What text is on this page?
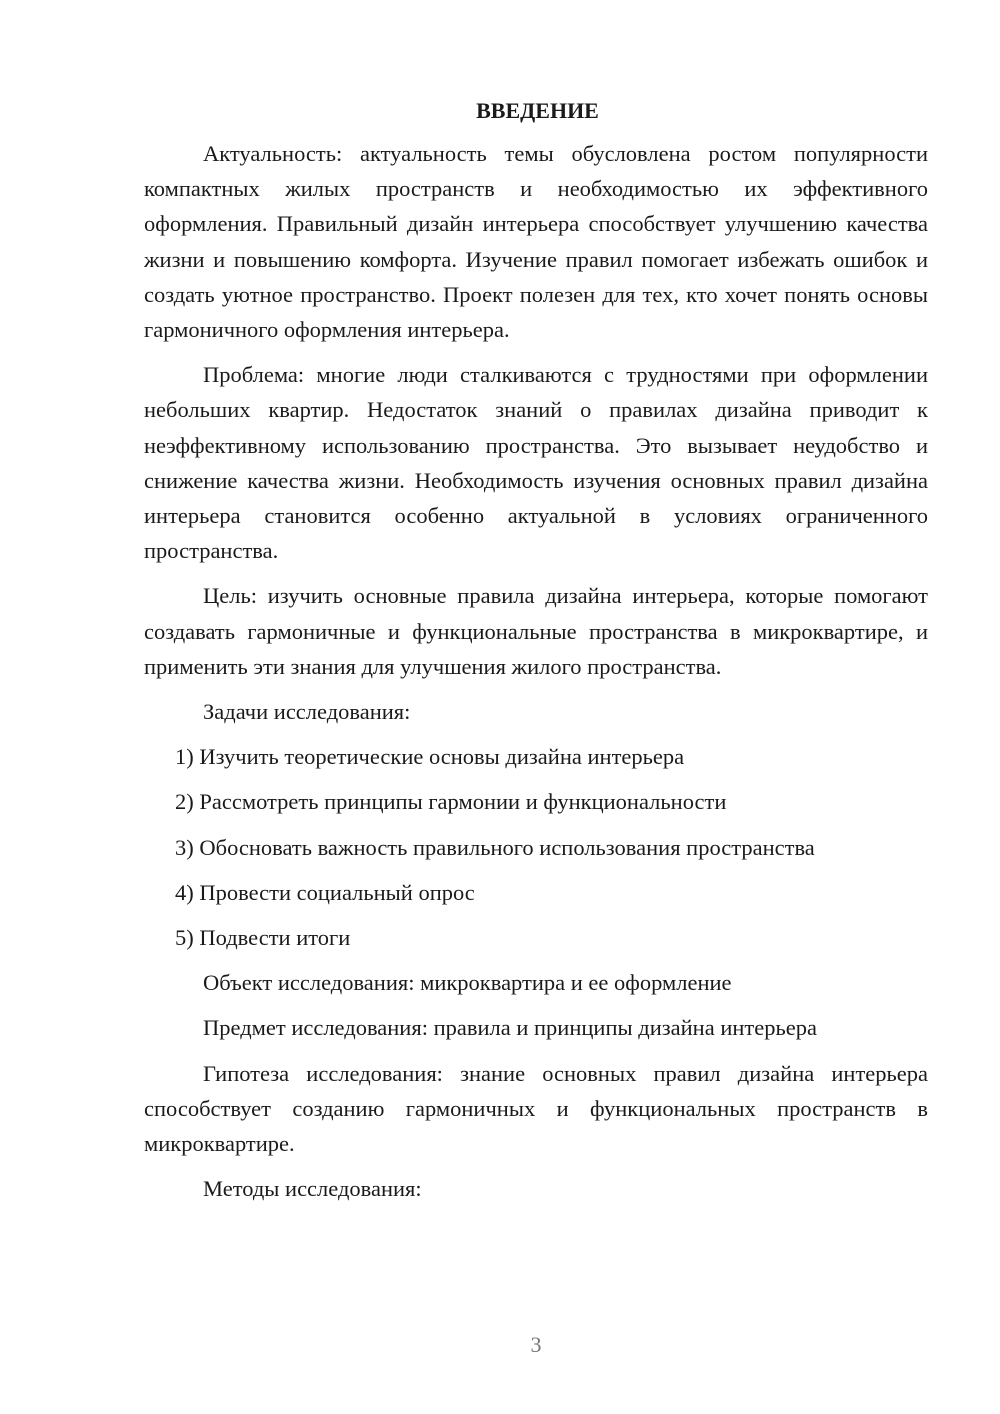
ВВЕДЕНИЕ

Актуальность: актуальность темы обусловлена ростом популярности компактных жилых пространств и необходимостью их эффективного оформления. Правильный дизайн интерьера способствует улучшению качества жизни и повышению комфорта. Изучение правил помогает избежать ошибок и создать уютное пространство. Проект полезен для тех, кто хочет понять основы гармоничного оформления интерьера.

Проблема: многие люди сталкиваются с трудностями при оформлении небольших квартир. Недостаток знаний о правилах дизайна приводит к неэффективному использованию пространства. Это вызывает неудобство и снижение качества жизни. Необходимость изучения основных правил дизайна интерьера становится особенно актуальной в условиях ограниченного пространства.

Цель: изучить основные правила дизайна интерьера, которые помогают создавать гармоничные и функциональные пространства в микроквартире, и применить эти знания для улучшения жилого пространства.

Задачи исследования:

1) Изучить теоретические основы дизайна интерьера

2) Рассмотреть принципы гармонии и функциональности

3) Обосновать важность правильного использования пространства

4) Провести социальный опрос

5) Подвести итоги

Объект исследования: микроквартира и ее оформление

Предмет исследования: правила и принципы дизайна интерьера

Гипотеза исследования: знание основных правил дизайна интерьера способствует созданию гармоничных и функциональных пространств в микроквартире.

Методы исследования:

3
